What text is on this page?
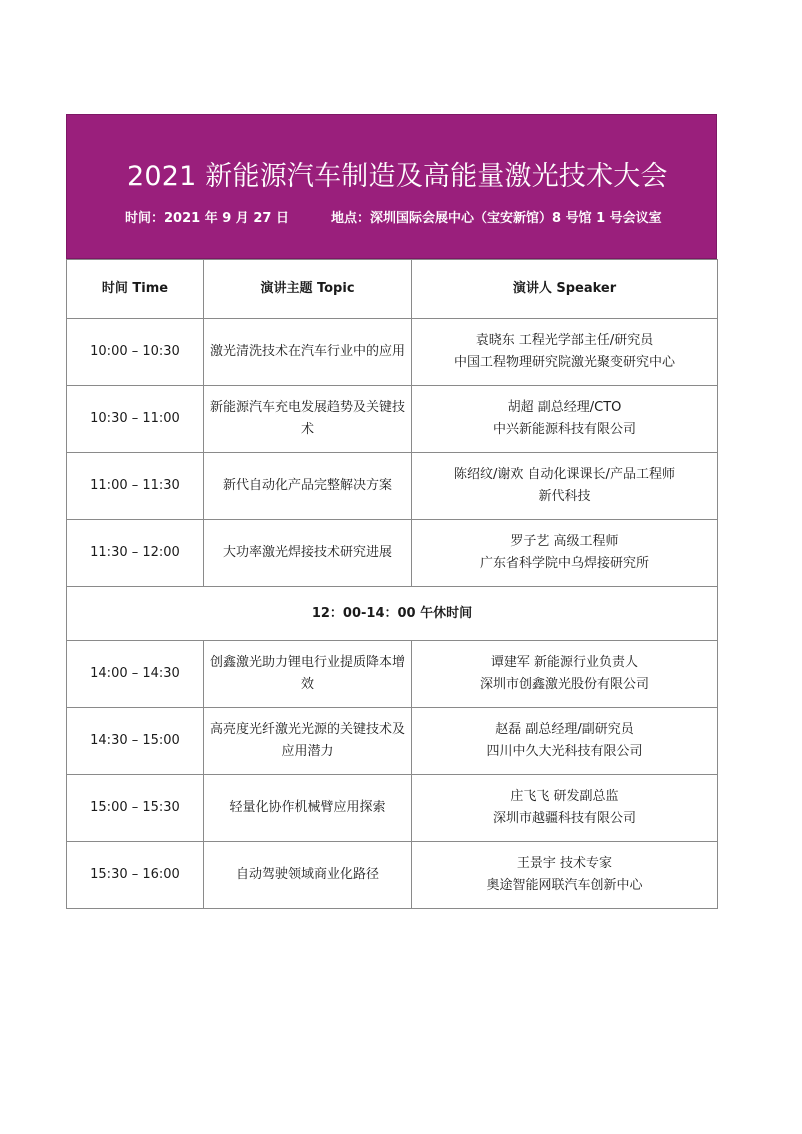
2021 新能源汽车制造及高能量激光技术大会
时间：2021 年 9 月 27 日	地点：深圳国际会展中心（宝安新馆）8 号馆 1 号会议室
时间 Time	演讲主题 Topic	演讲人 Speaker
10:00 – 10:30	激光清洗技术在汽车行业中的应用	袁晓东 工程光学部主任/研究员
中国工程物理研究院激光聚变研究中心

10:30 – 11:00	新能源汽车充电发展趋势及关键技术	胡超 副总经理/CTO
中兴新能源科技有限公司

11:00 – 11:30	新代自动化产品完整解决方案	陈绍纹/谢欢 自动化课课长/产品工程师
新代科技

11:30 – 12:00	大功率激光焊接技术研究进展	罗子艺 高级工程师
广东省科学院中乌焊接研究所

12：00-14：00 午休时间		
14:00 – 14:30	创鑫激光助力锂电行业提质降本增效	谭建军 新能源行业负责人
深圳市创鑫激光股份有限公司

14:30 – 15:00	高亮度光纤激光光源的关键技术及应用潜力	赵磊 副总经理/副研究员
四川中久大光科技有限公司

15:00 – 15:30	轻量化协作机械臂应用探索	庄飞飞 研发副总监
深圳市越疆科技有限公司

15:30 – 16:00	自动驾驶领域商业化路径	王景宇 技术专家
奥途智能网联汽车创新中心
